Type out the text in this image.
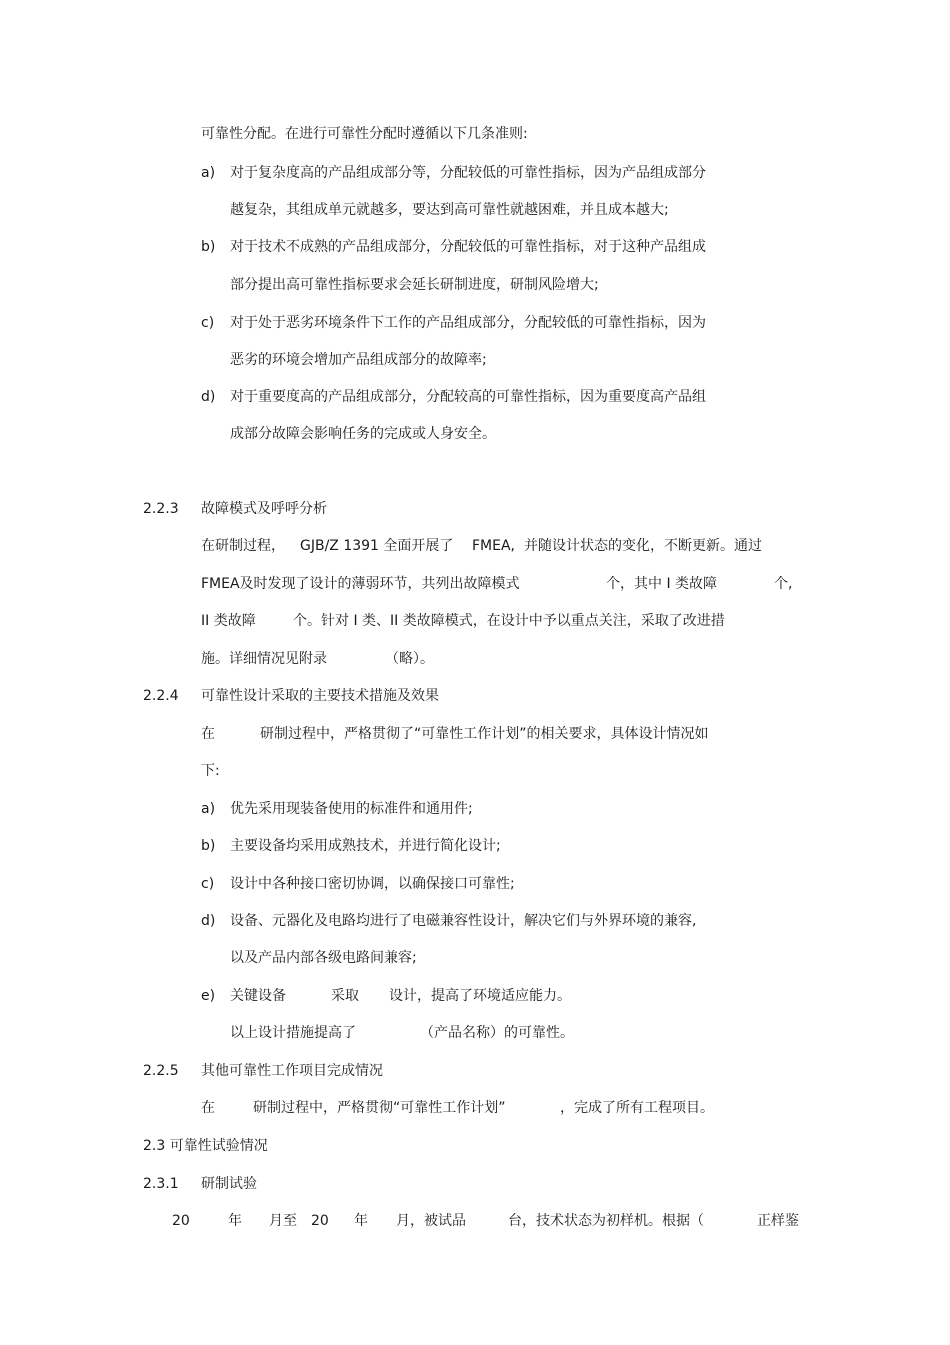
可靠性分配。在进行可靠性分配时遵循以下几条准则:
a) 对于复杂度高的产品组成部分等，分配较低的可靠性指标，因为产品组成部分
越复杂，其组成单元就越多，要达到高可靠性就越困难，并且成本越大;
b) 对于技术不成熟的产品组成部分，分配较低的可靠性指标，对于这种产品组成
部分提出高可靠性指标要求会延长研制进度，研制风险增大;
c) 对于处于恶劣环境条件下工作的产品组成部分，分配较低的可靠性指标，因为
恶劣的环境会增加产品组成部分的故障率;
d) 对于重要度高的产品组成部分，分配较高的可靠性指标，因为重要度高产品组
成部分故障会影响任务的完成或人身安全。
2.2.3 故障模式及呼呼分析
在研制过程， GJB/Z 1391 全面开展了 FMEA, 并随设计状态的变化，不断更新。通过
FMEA及时发现了设计的薄弱环节，共列出故障模式	个，其中 I 类故障	个,
II 类故障	个。针对 I 类、II 类故障模式，在设计中予以重点关注，采取了改进措
施。详细情况见附录	（略）。
2.2.4 可靠性设计采取的主要技术措施及效果
在	研制过程中，严格贯彻了“可靠性工作计划”的相关要求，具体设计情况如
下:
a) 优先采用现装备使用的标准件和通用件;
b) 主要设备均采用成熟技术，并进行简化设计;
c) 设计中各种接口密切协调，以确保接口可靠性;
d) 设备、元器化及电路均进行了电磁兼容性设计，解决它们与外界环境的兼容,
以及产品内部各级电路间兼容;
e) 关键设备	采取 设计，提高了环境适应能力。
以上设计措施提高了	（产品名称）的可靠性。
2.2.5 其他可靠性工作项目完成情况
在	研制过程中，严格贯彻“可靠性工作计划”	，完成了所有工程项目。
2.3 可靠性试验情况
2.3.1 研制试验
20	年 月至 20 年 月，被试品	台，技术状态为初样机。根据（	正样鉴
